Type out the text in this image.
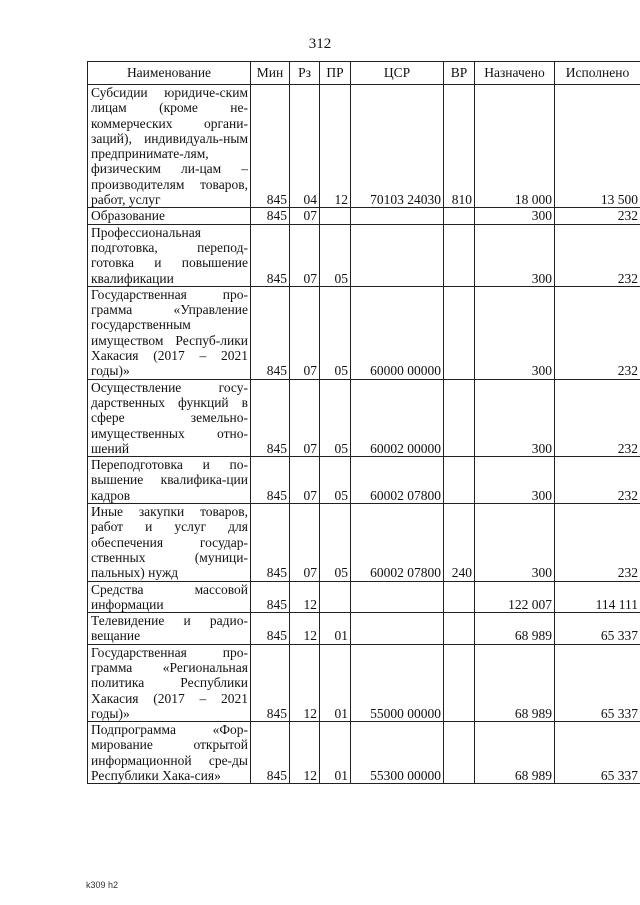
312
Наименование	Мин	Рз	ПР	ЦСР	ВР	Назначено	Исполнено
Субсидии юридиче-ским лицам (кроме не-коммерческих органи-заций), индивидуаль-ным предпринимате-лям, физическим ли-цам – производителям товаров, работ, услуг	845	04	12	70103 24030	810	18 000	13 500
Образование	845	07				300	232
Профессиональная подготовка, перепод-готовка и повышение квалификации	845	07	05			300	232
Государственная про-грамма «Управление государственным имуществом Респуб-лики Хакасия (2017 – 2021 годы)»	845	07	05	60000 00000		300	232
Осуществление госу-дарственных функций в сфере земельно-имущественных отно-шений	845	07	05	60002 00000		300	232
Переподготовка и по-вышение квалифика-ции кадров	845	07	05	60002 07800		300	232
Иные закупки товаров, работ и услуг для обеспечения государ-ственных (муници-пальных) нужд	845	07	05	60002 07800	240	300	232
Средства массовой информации	845	12				122 007	114 111
Телевидение и радио-вещание	845	12	01			68 989	65 337
Государственная про-грамма «Региональная политика Республики Хакасия (2017 – 2021 годы)»	845	12	01	55000 00000		68 989	65 337
Подпрограмма «Фор-мирование открытой информационной сре-ды Республики Хака-сия»	845	12	01	55300 00000		68 989	65 337
k309 h2
